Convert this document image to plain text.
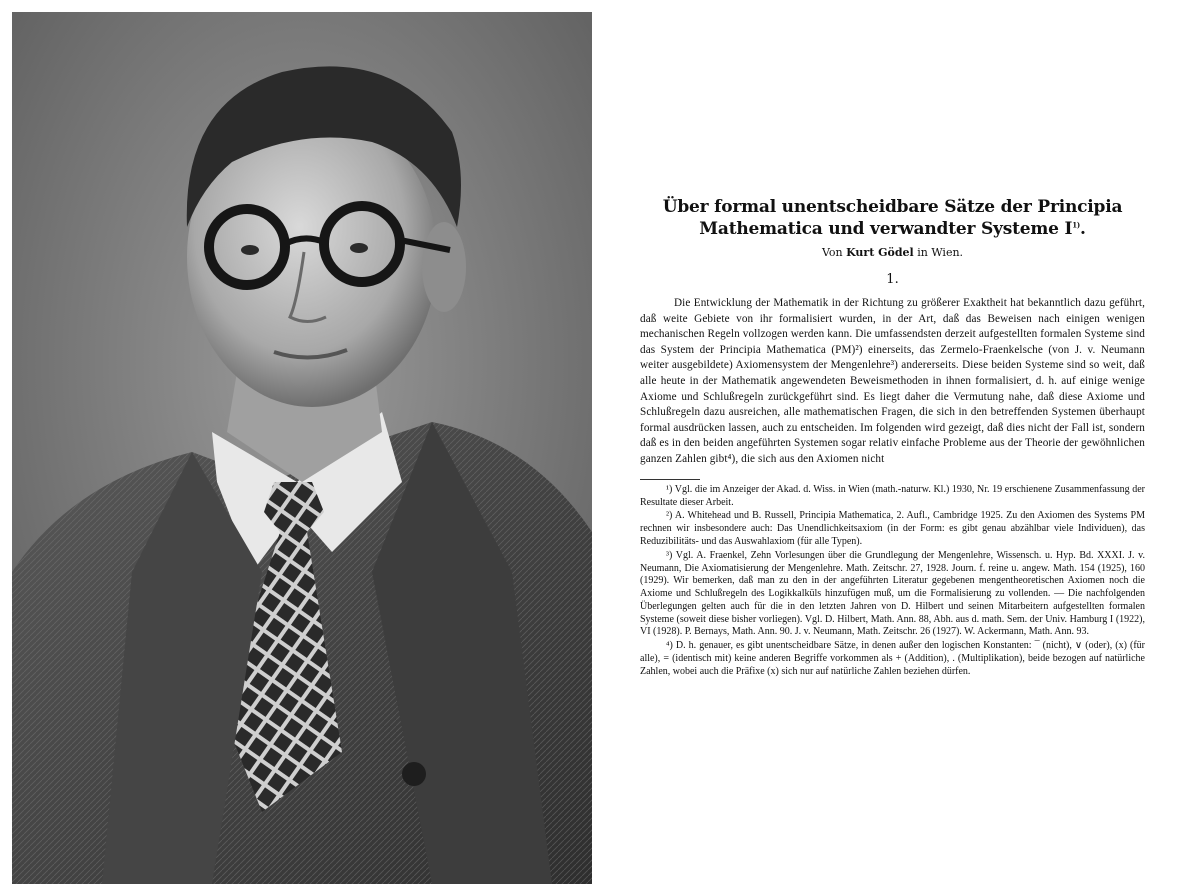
Über formal unentscheidbare Sätze der Principia
Mathematica und verwandter Systeme $I^{1)}$.
Von Kurt Gödel in Wien.
1.

Die Entwicklung der Mathematik in der Richtung zu größerer Exaktheit hat bekanntlich dazu geführt, daß weite Gebiete von ihr formalisiert wurden, in der Art, daß das Beweisen nach einigen wenigen mechanischen Regeln vollzogen werden kann. Die umfassendsten derzeit aufgestellten formalen Systeme sind das System der Principia Mathematica (PM)²) einerseits, das Zermelo-Fraenkelsche (von J. v. Neumann weiter ausgebildete) Axiomensystem der Mengenlehre³) andererseits. Diese beiden Systeme sind so weit, daß alle heute in der Mathematik angewendeten Beweismethoden in ihnen formalisiert, d. h. auf einige wenige Axiome und Schlußregeln zurückgeführt sind. Es liegt daher die Vermutung nahe, daß diese Axiome und Schlußregeln dazu ausreichen, alle mathematischen Fragen, die sich in den betreffenden Systemen überhaupt formal ausdrücken lassen, auch zu entscheiden. Im folgenden wird gezeigt, daß dies nicht der Fall ist, sondern daß es in den beiden angeführten Systemen sogar relativ einfache Probleme aus der Theorie der gewöhnlichen ganzen Zahlen gibt⁴), die sich aus den Axiomen nicht

¹) Vgl. die im Anzeiger der Akad. d. Wiss. in Wien (math.-naturw. Kl.) 1930, Nr. 19 erschienene Zusammenfassung der Resultate dieser Arbeit.

²) A. Whitehead und B. Russell, Principia Mathematica, 2. Aufl., Cambridge 1925. Zu den Axiomen des Systems PM rechnen wir insbesondere auch: Das Unendlichkeitsaxiom (in der Form: es gibt genau abzählbar viele Individuen), das Reduzibilitäts- und das Auswahlaxiom (für alle Typen).

³) Vgl. A. Fraenkel, Zehn Vorlesungen über die Grundlegung der Mengenlehre, Wissensch. u. Hyp. Bd. XXXI. J. v. Neumann, Die Axiomatisierung der Mengenlehre. Math. Zeitschr. 27, 1928. Journ. f. reine u. angew. Math. 154 (1925), 160 (1929). Wir bemerken, daß man zu den in der angeführten Literatur gegebenen mengentheoretischen Axiomen noch die Axiome und Schlußregeln des Logikkalküls hinzufügen muß, um die Formalisierung zu vollenden. — Die nachfolgenden Überlegungen gelten auch für die in den letzten Jahren von D. Hilbert und seinen Mitarbeitern aufgestellten formalen Systeme (soweit diese bisher vorliegen). Vgl. D. Hilbert, Math. Ann. 88, Abh. aus d. math. Sem. der Univ. Hamburg I (1922), VI (1928). P. Bernays, Math. Ann. 90. J. v. Neumann, Math. Zeitschr. 26 (1927). W. Ackermann, Math. Ann. 93.

⁴) D. h. genauer, es gibt unentscheidbare Sätze, in denen außer den logischen Konstanten: ¯ (nicht), ∨ (oder), (x) (für alle), = (identisch mit) keine anderen Begriffe vorkommen als + (Addition), . (Multiplikation), beide bezogen auf natürliche Zahlen, wobei auch die Präfixe (x) sich nur auf natürliche Zahlen beziehen dürfen.
